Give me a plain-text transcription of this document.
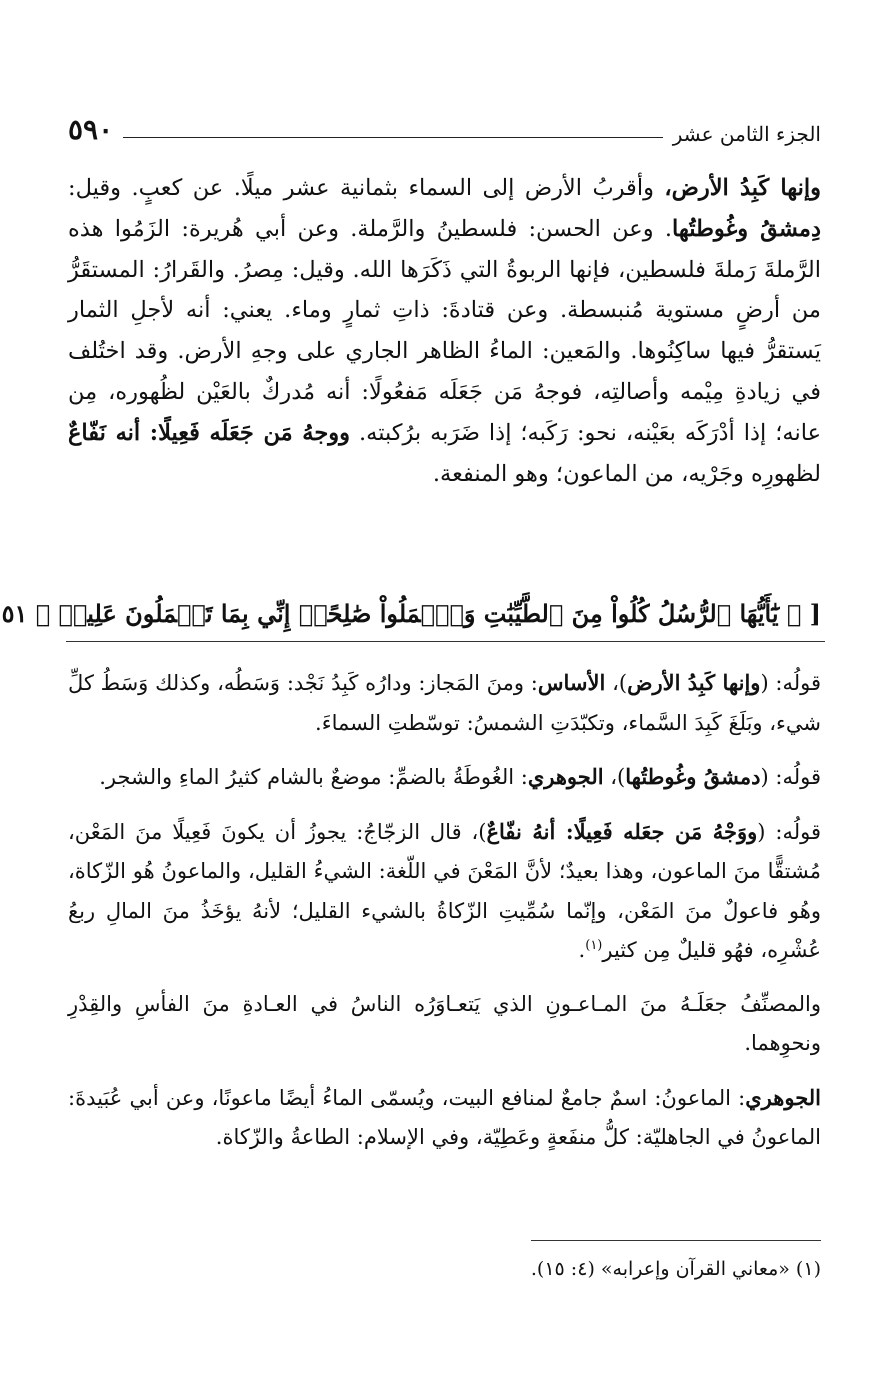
الجزء الثامن عشر
٥٩٠

وإنها كَبِدُ الأرض، وأقربُ الأرض إلى السماء بثمانية عشر ميلًا. عن كعبٍ. وقيل: دِمشقُ وغُوطتُها. وعن الحسن: فلسطينُ والرَّملة. وعن أبي هُريرة: الزَمُوا هذه الرَّملةَ رَملةَ فلسطين، فإنها الربوةُ التي ذَكَرَها الله. وقيل: مِصرُ. والقَرارُ: المستقَرُّ من أرضٍ مستوية مُنبسطة. وعن قتادةَ: ذاتِ ثمارٍ وماء. يعني: أنه لأجلِ الثمار يَستقرُّ فيها ساكِنُوها. والمَعين: الماءُ الظاهر الجاري على وجهِ الأرض. وقد اختُلف في زيادةِ مِيْمه وأصالتِه، فوجهُ مَن جَعَلَه مَفعُولًا: أنه مُدركٌ بالعَيْن لظُهوره، مِن عانه؛ إذا أدْرَكَه بعَيْنه، نحو: رَكَبه؛ إذا ضَرَبه برُكبته. ووجهُ مَن جَعَلَه فَعِيلًا: أنه نَفّاعٌ لظهورِه وجَرْيه، من الماعون؛ وهو المنفعة.

[ ﴿ يَٰٓأَيُّهَا ٱلرُّسُلُ كُلُواْ مِنَ ٱلطَّيِّبَٰتِ وَٱعۡمَلُواْ صَٰلِحًاۖ إِنِّي بِمَا تَعۡمَلُونَ عَلِيمٞ ﴾ ٥١

قولُه: (وإنها كَبِدُ الأرض)، الأساس: ومنَ المَجاز: ودارُه كَبِدُ نَجْد: وَسَطُه، وكذلك وَسَطُ كلِّ شيء، وبَلَغَ كَبِدَ السَّماء، وتكبّدَتِ الشمسُ: توسّطتِ السماءَ.

قولُه: (دمشقُ وغُوطتُها)، الجوهري: الغُوطَةُ بالضمِّ: موضعٌ بالشام كثيرُ الماءِ والشجر.

قولُه: (ووَجْهُ مَن جعَله فَعِيلًا: أنهُ نفّاعٌ)، قال الزجّاجُ: يجوزُ أن يكونَ فَعِيلًا منَ المَعْن، مُشتقًّا منَ الماعون، وهذا بعيدٌ؛ لأنَّ المَعْنَ في اللّغة: الشيءُ القليل، والماعونُ هُو الزّكاة، وهُو فاعولٌ منَ المَعْن، وإنّما سُمِّيتِ الزّكاةُ بالشيء القليل؛ لأنهُ يؤخَذُ منَ المالِ ربعُ عُشْرِه، فهُو قليلٌ مِن كثير$^{(١)}$.

والمصنِّفُ جعَلَـهُ منَ المـاعـونِ الذي يَتعـاوَرُه الناسُ في العـادةِ منَ الفأسِ والقِدْرِ ونحوِهما.

الجوهري: الماعونُ: اسمٌ جامعٌ لمنافع البيت، ويُسمّى الماءُ أيضًا ماعونًا، وعن أبي عُبَيدةَ: الماعونُ في الجاهليّة: كلُّ منفَعةٍ وعَطِيّة، وفي الإسلام: الطاعةُ والزّكاة.

(١) «معاني القرآن وإعرابه» (٤: ١٥).
